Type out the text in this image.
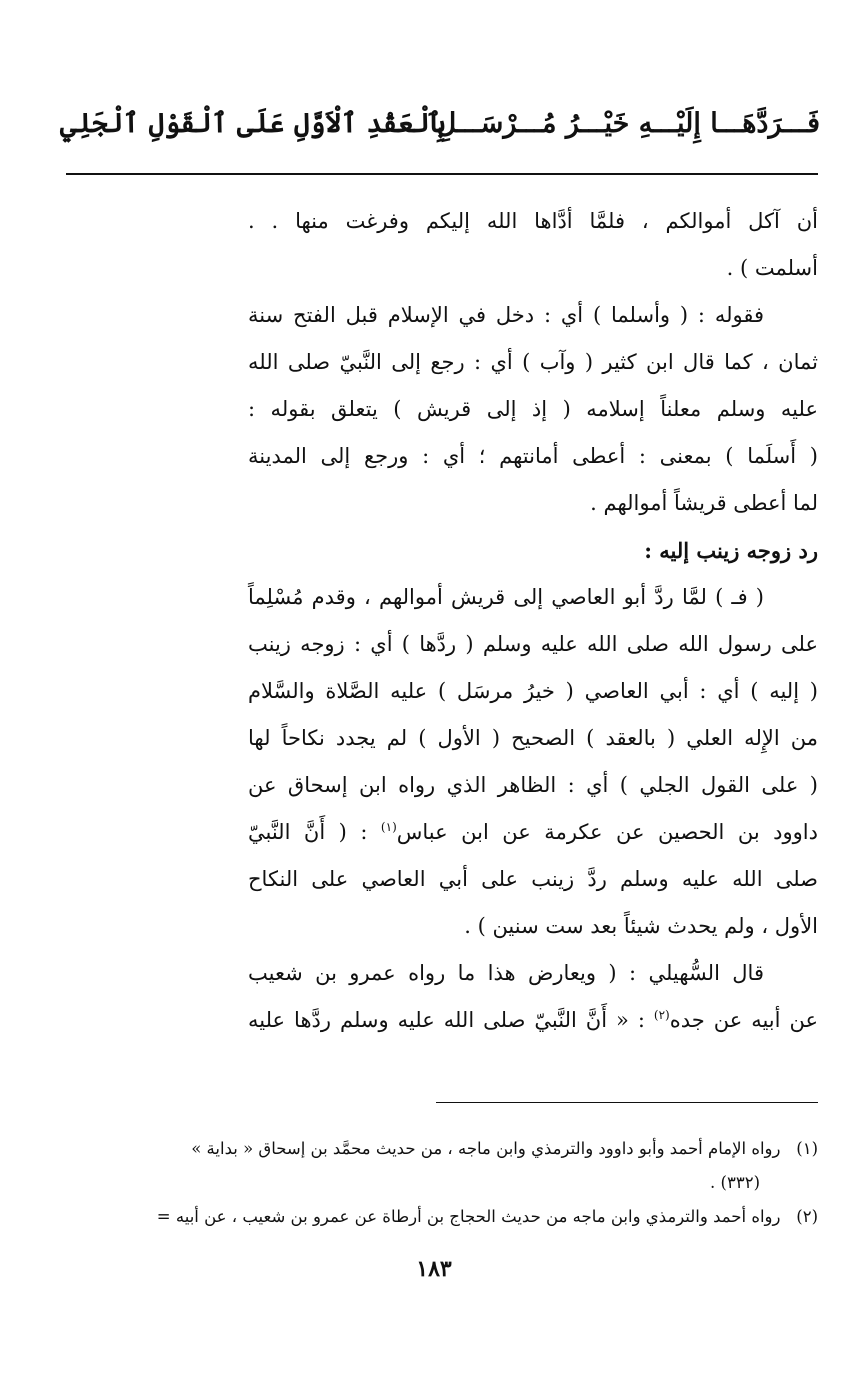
فَـــرَدَّهَـــا إِلَيْـــهِ خَيْـــرُ مُـــرْسَـــلِ
بِٱلْعَقْدِ ٱلْاَوَّلِ عَلَى ٱلْقَوْلِ ٱلْجَلِي
أن آكل أموالكم ، فلمَّا أدَّاها الله إليكم وفرغت منها . .
أسلمت ) .
فقوله : ( وأسلما ) أي : دخل في الإسلام قبل الفتح سنة
ثمان ، كما قال ابن كثير ( وآب ) أي : رجع إلى النَّبيّ صلى الله
عليه وسلم معلناً إسلامه ( إذ إلى قريش ) يتعلق بقوله :
( أَسلَما ) بمعنى : أعطى أمانتهم ؛ أي : ورجع إلى المدينة
لما أعطى قريشاً أموالهم .
رد زوجه زينب إليه :
( فـ ) لمَّا ردَّ أبو العاصي إلى قريش أموالهم ، وقدم مُسْلِماً
على رسول الله صلى الله عليه وسلم ( ردَّها ) أي : زوجه زينب
( إليه ) أي : أبي العاصي ( خيرُ مرسَل ) عليه الصَّلاة والسَّلام
من الإِله العلي ( بالعقد ) الصحيح ( الأول ) لم يجدد نكاحاً لها
( على القول الجلي ) أي : الظاهر الذي رواه ابن إسحاق عن
داوود بن الحصين عن عكرمة عن ابن عباس$^{(١)}$ : ( أَنَّ النَّبيّ
صلى الله عليه وسلم ردَّ زينب على أبي العاصي على النكاح
الأول ، ولم يحدث شيئاً بعد ست سنين ) .
قال السُّهيلي : ( ويعارض هذا ما رواه عمرو بن شعيب
عن أبيه عن جده$^{(٢)}$ : « أَنَّ النَّبيّ صلى الله عليه وسلم ردَّها عليه
(١)   رواه الإمام أحمد وأبو داوود والترمذي وابن ماجه ، من حديث محمَّد بن إسحاق « بداية »
(٣٣٢) .
(٢)   رواه أحمد والترمذي وابن ماجه من حديث الحجاج بن أرطاة عن عمرو بن شعيب ، عن أبيه =
١٨٣
